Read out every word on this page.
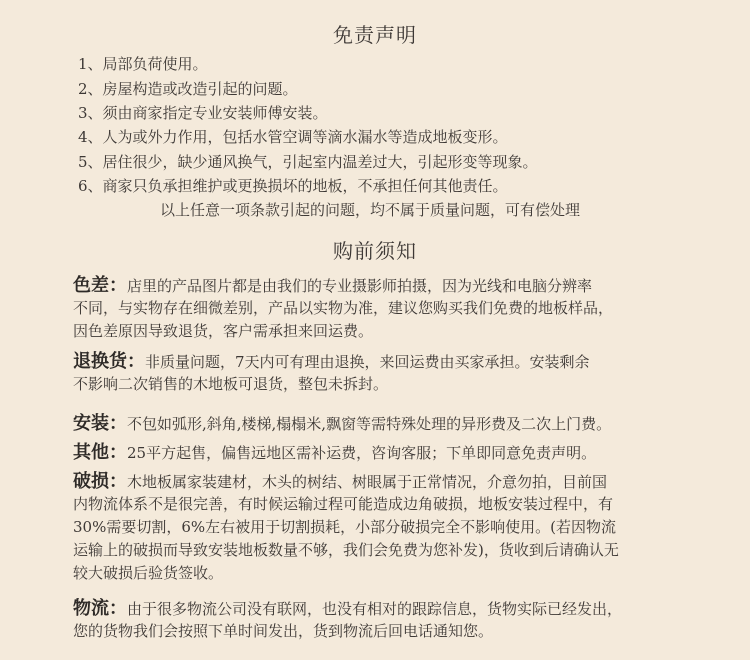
免责声明
1、局部负荷使用。
2、房屋构造或改造引起的问题。
3、须由商家指定专业安装师傅安装。
4、人为或外力作用，包括水管空调等滴水漏水等造成地板变形。
5、居住很少，缺少通风换气，引起室内温差过大，引起形变等现象。
6、商家只负承担维护或更换损坏的地板，不承担任何其他责任。
以上任意一项条款引起的问题，均不属于质量问题，可有偿处理
购前须知
色差：店里的产品图片都是由我们的专业摄影师拍摄，因为光线和电脑分辨率
不同，与实物存在细微差别，产品以实物为准，建议您购买我们免费的地板样品，
因色差原因导致退货，客户需承担来回运费。
退换货：非质量问题，7天内可有理由退换，来回运费由买家承担。安装剩余
不影响二次销售的木地板可退货，整包未拆封。
安装：不包如弧形,斜角,楼梯,榻榻米,飘窗等需特殊处理的异形费及二次上门费。
其他：25平方起售，偏售远地区需补运费，咨询客服；下单即同意免责声明。
破损：木地板属家装建材，木头的树结、树眼属于正常情况，介意勿拍，目前国
内物流体系不是很完善，有时候运输过程可能造成边角破损，地板安装过程中，有
30%需要切割，6%左右被用于切割损耗，小部分破损完全不影响使用。(若因物流
运输上的破损而导致安装地板数量不够，我们会免费为您补发)，货收到后请确认无
较大破损后验货签收。
物流：由于很多物流公司没有联网，也没有相对的跟踪信息，货物实际已经发出，
您的货物我们会按照下单时间发出，货到物流后回电话通知您。
